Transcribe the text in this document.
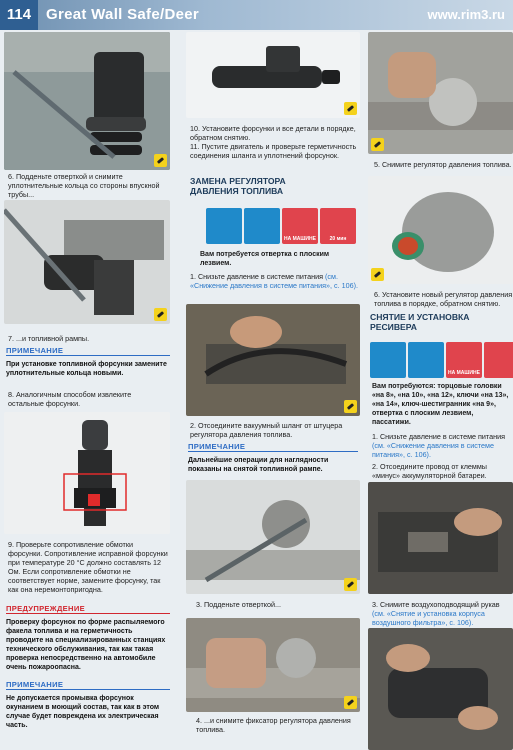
114 Great Wall Safe/Deer	www.rim3.ru
6. Подденьте отверткой и снимите уплотнительные кольца со стороны впускной трубы...
7. ...и топливной рампы.
ПРИМЕЧАНИЕ
При установке топливной форсунки замените уплотнительные кольца новыми.
8. Аналогичным способом извлеките остальные форсунки.
9. Проверьте сопротивление обмотки форсунки. Сопротивление исправной форсунки при температуре 20 °С должно составлять 12 Ом. Если сопротивление обмотки не соответствует норме, замените форсунку, так как она неремонтопригодна.
ПРЕДУПРЕЖДЕНИЕ
Проверку форсунок по форме распыляемого факела топлива и на герметичность проводите на специализированных станциях технического обслуживания, так как такая проверка непосредственно на автомобиле очень пожароопасна.
ПРИМЕЧАНИЕ
Не допускается промывка форсунок окунанием в моющий состав, так как в этом случае будет повреждена их электрическая часть.
10. Установите форсунки и все детали в порядке, обратном снятию.
11. Пустите двигатель и проверьте герметичность соединения шланга и уплотнений форсунок.
ЗАМЕНА РЕГУЛЯТОРА ДАВЛЕНИЯ ТОПЛИВА
НА МАШИНЕ	20 мин
Вам потребуется отвертка с плоским лезвием.
1. Снизьте давление в системе питания (см. «Снижение давления в системе питания», с. 106).
2. Отсоедините вакуумный шланг от штуцера регулятора давления топлива.
ПРИМЕЧАНИЕ
Дальнейшие операции для наглядности показаны на снятой топливной рампе.
3. Подденьте отверткой...
4. ...и снимите фиксатор регулятора давления топлива.
5. Снимите регулятор давления топлива.
6. Установите новый регулятор давления топлива в порядке, обратном снятию.
СНЯТИЕ И УСТАНОВКА РЕСИВЕРА
НА МАШИНЕ
Вам потребуются: торцовые головки «на 8», «на 10», «на 12», ключи «на 13», «на 14», ключ-шестигранник «на 9», отвертка с плоским лезвием, пассатижи.
1. Снизьте давление в системе питания (см. «Снижение давления в системе питания», с. 106).
2. Отсоедините провод от клеммы «минус» аккумуляторной батареи.
3. Снимите воздухоподводящий рукав (см. «Снятие и установка корпуса воздушного фильтра», с. 106).
